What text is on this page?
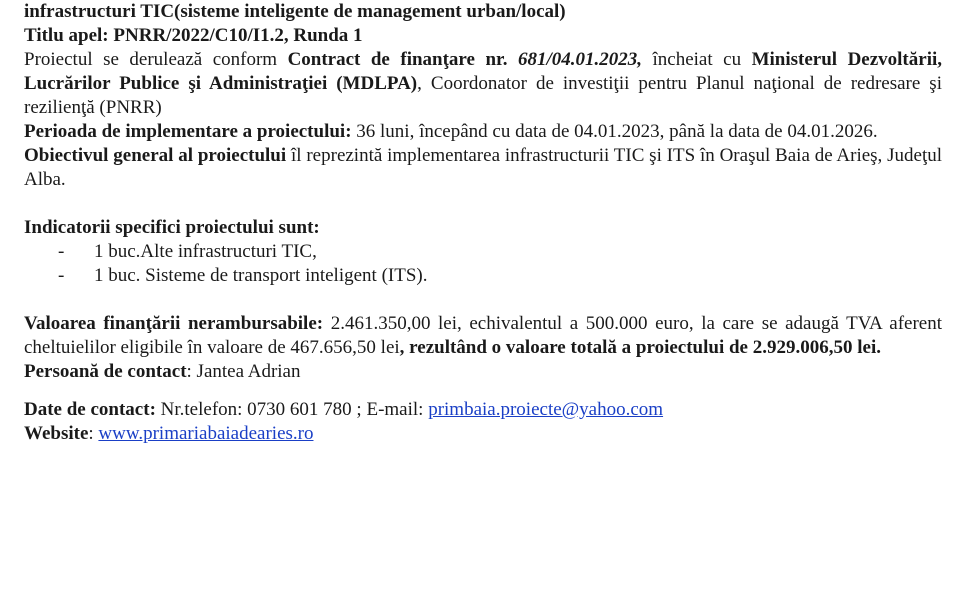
infrastructuri TIC(sisteme inteligente de management urban/local)

Titlu apel: PNRR/2022/C10/I1.2, Runda 1

Proiectul se derulează conform Contract de finanţare nr. 681/04.01.2023, încheiat cu Ministerul Dezvoltării, Lucrărilor Publice şi Administraţiei (MDLPA), Coordonator de investiţii pentru Planul naţional de redresare şi rezilienţă (PNRR)

Perioada de implementare a proiectului: 36 luni, începând cu data de 04.01.2023, până la data de 04.01.2026.

Obiectivul general al proiectului îl reprezintă implementarea infrastructurii TIC şi ITS în Oraşul Baia de Arieş, Judeţul Alba.

Indicatorii specifici proiectului sunt:

- 1 buc.Alte infrastructuri TIC,
- 1 buc. Sisteme de transport inteligent (ITS).

Valoarea finanţării nerambursabile: 2.461.350,00 lei, echivalentul a 500.000 euro, la care se adaugă TVA aferent cheltuielilor eligibile în valoare de 467.656,50 lei, rezultând o valoare totală a proiectului de 2.929.006,50 lei.

Persoană de contact: Jantea Adrian

Date de contact: Nr.telefon: 0730 601 780 ; E-mail: primbaia.proiecte@yahoo.com

Website: www.primariabaiadearies.ro
